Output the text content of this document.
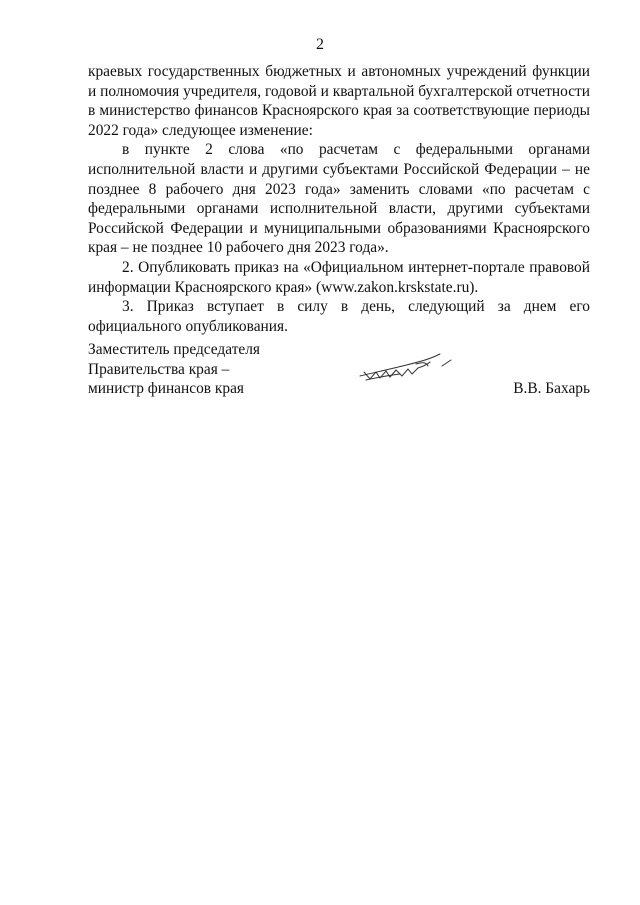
2

краевых государственных бюджетных и автономных учреждений функции и полномочия учредителя, годовой и квартальной бухгалтерской отчетности в министерство финансов Красноярского края за соответствующие периоды 2022 года» следующее изменение:

в пункте 2 слова «по расчетам с федеральными органами исполнительной власти и другими субъектами Российской Федерации – не позднее 8 рабочего дня 2023 года» заменить словами «по расчетам с федеральными органами исполнительной власти, другими субъектами Российской Федерации и муниципальными образованиями Красноярского края – не позднее 10 рабочего дня 2023 года».

2. Опубликовать приказ на «Официальном интернет-портале правовой информации Красноярского края» (www.zakon.krskstate.ru).

3. Приказ вступает в силу в день, следующий за днем его официального опубликования.

Заместитель председателя
Правительства края –
министр финансов края	В.В. Бахарь
